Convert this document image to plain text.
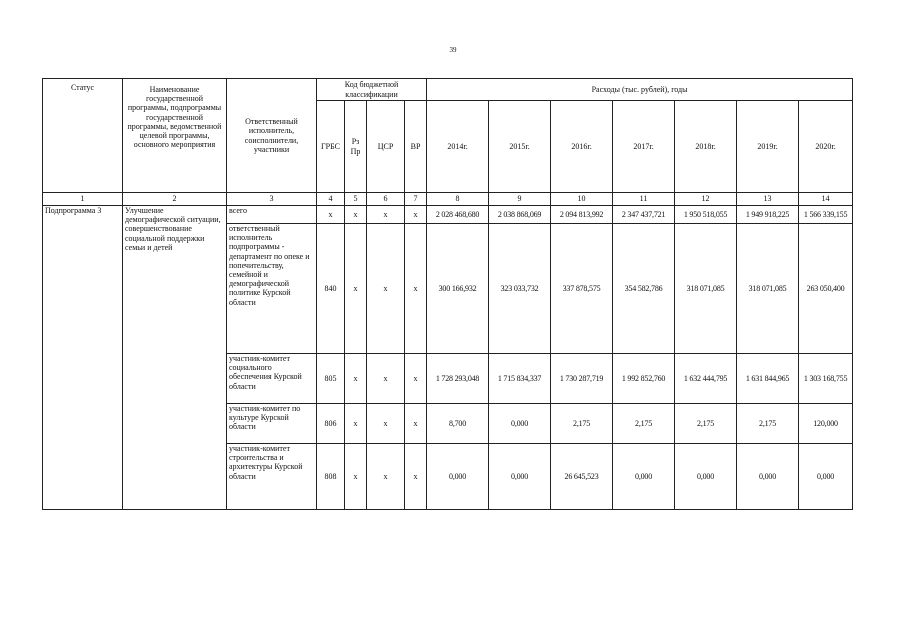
39
Статус	Наименование государственной программы, подпрограммы государственной программы, ведомственной целевой программы, основного мероприятия	Ответственный исполнитель, соисполнители, участники	Код бюджетной классификации				Расходы (тыс. рублей), годы						
			ГРБС	Рз Пр	ЦСР	ВР	2014г.	2015г.	2016г.	2017г.	2018г.	2019г.	2020г.
1	2	3	4	5	6	7	8	9	10	11	12	13	14
Подпрограмма 3	Улучшение демографической ситуации, совершенствование социальной поддержки семьи и детей	всего	x	x	x	x	2 028 468,680	2 038 868,069	2 094 813,992	2 347 437,721	1 950 518,055	1 949 918,225	1 566 339,155
		ответственный исполнитель подпрограммы - департамент по опеке и попечительству, семейной и демографической политике Курской области	840	x	x	x	300 166,932	323 033,732	337 878,575	354 582,786	318 071,085	318 071,085	263 050,400
		участник-комитет социального обеспечения Курской области	805	x	x	x	1 728 293,048	1 715 834,337	1 730 287,719	1 992 852,760	1 632 444,795	1 631 844,965	1 303 168,755
		участник-комитет по культуре Курской области	806	x	x	x	8,700	0,000	2,175	2,175	2,175	2,175	120,000
		участник-комитет строительства и архитектуры Курской области	808	x	x	x	0,000	0,000	26 645,523	0,000	0,000	0,000	0,000
